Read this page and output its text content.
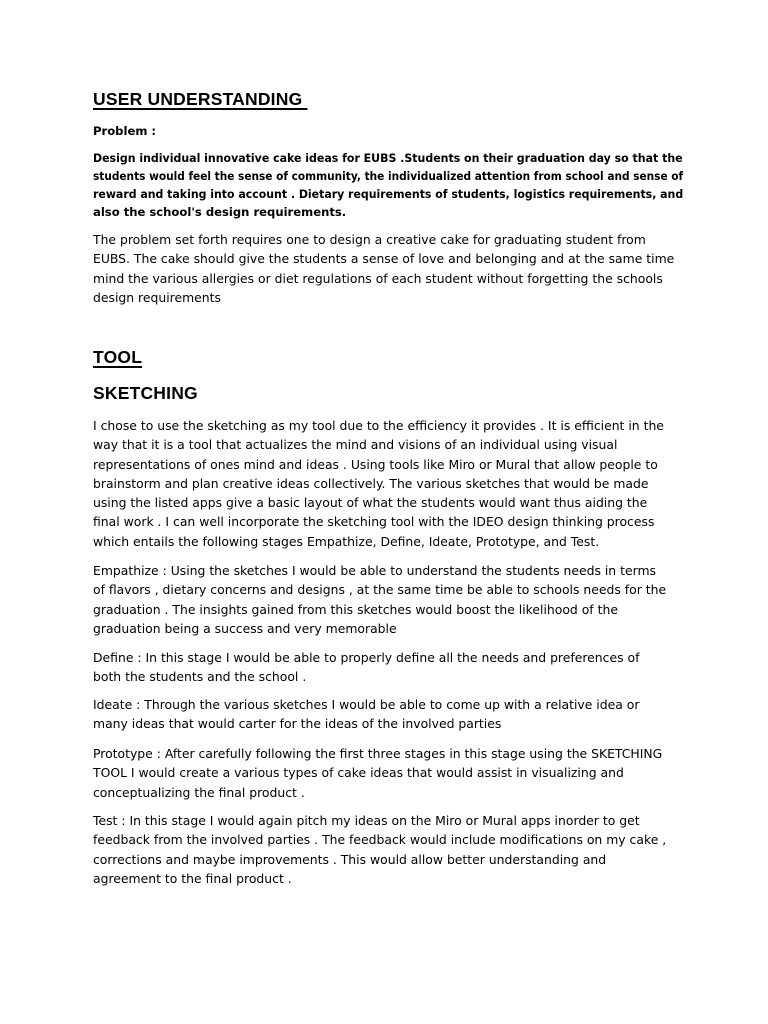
USER UNDERSTANDING
Problem :
Design individual innovative cake ideas for EUBS .Students on their graduation day so that the
students would feel the sense of community, the individualized attention from school and sense of
reward and taking into account . Dietary requirements of students, logistics requirements, and

also the school's design requirements.
The problem set forth requires one to design a creative cake for graduating student from
EUBS. The cake should give the students a sense of love and belonging and at the same time
mind the various allergies or diet regulations of each student without forgetting the schools
design requirements
TOOL
SKETCHING
I chose to use the sketching as my tool due to the efficiency it provides . It is efficient in the
way that it is a tool that actualizes the mind and visions of an individual using visual
representations of ones mind and ideas . Using tools like Miro or Mural that allow people to
brainstorm and plan creative ideas collectively. The various sketches that would be made
using the listed apps give a basic layout of what the students would want thus aiding the
final work . I can well incorporate the sketching tool with the IDEO design thinking process
which entails the following stages Empathize, Define, Ideate, Prototype, and Test.
Empathize : Using the sketches I would be able to understand the students needs in terms
of flavors , dietary concerns and designs , at the same time be able to schools needs for the
graduation . The insights gained from this sketches would boost the likelihood of the
graduation being a success and very memorable
Define : In this stage I would be able to properly define all the needs and preferences of
both the students and the school .
Ideate : Through the various sketches I would be able to come up with a relative idea or
many ideas that would carter for the ideas of the involved parties
Prototype : After carefully following the first three stages in this stage using the SKETCHING
TOOL I would create a various types of cake ideas that would assist in visualizing and
conceptualizing the final product .
Test : In this stage I would again pitch my ideas on the Miro or Mural apps inorder to get
feedback from the involved parties . The feedback would include modifications on my cake ,
corrections and maybe improvements . This would allow better understanding and
agreement to the final product .
